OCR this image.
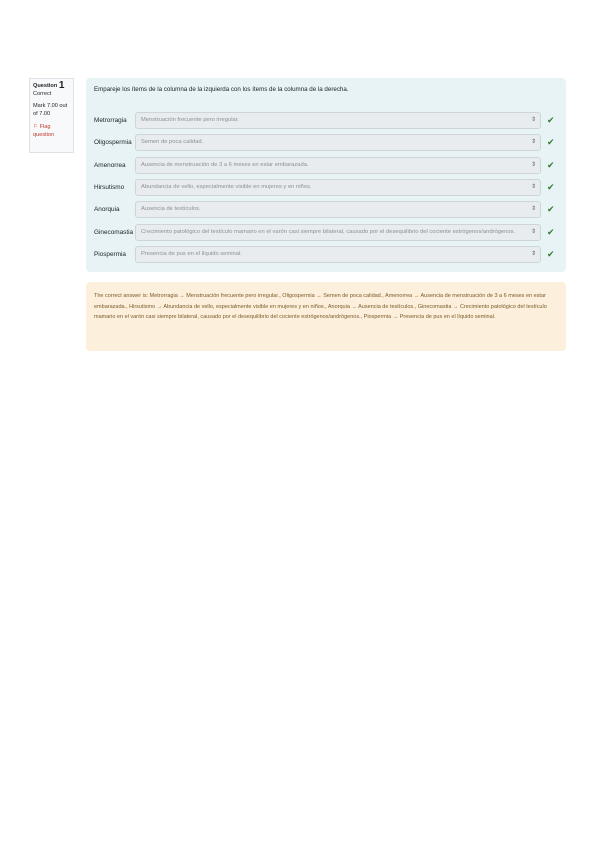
Question 1
Correct
Mark 7.00 out of 7.00
⚐ Flag question
Empareje los ítems de la columna de la izquierda con los ítems de la columna de la derecha.
Metrorragia	Menstruación frecuente pero irregular.	⇕ ✔
Oligospermia	Semen de poca calidad.	⇕ ✔
Amenorrea	Ausencia de menstruación de 3 a 6 meses en estar embarazada.	⇕ ✔
Hirsutismo	Abundancia de vello, especialmente visible en mujeres y en niños.	⇕ ✔
Anorquia	Ausencia de testículos.	⇕ ✔
Ginecomastia	Crecimiento patológico del testículo mamario en el varón casi siempre bilateral, causado por el desequilibrio del cociente estrógenos/andrógenos.	⇕ ✔
Piospermia	Presencia de pus en el líquido seminal.	⇕ ✔
The correct answer is: Metrorragia → Menstruación frecuente pero irregular., Oligospermia → Semen de poca calidad., Amenorrea → Ausencia de menstruación de 3 a 6 meses en estar embarazada., Hirsutismo → Abundancia de vello, especialmente visible en mujeres y en niños., Anorquia → Ausencia de testículos., Ginecomastia → Crecimiento patológico del testículo mamario en el varón casi siempre bilateral, causado por el desequilibrio del cociente estrógenos/andrógenos., Piospermia → Presencia de pus en el líquido seminal.
